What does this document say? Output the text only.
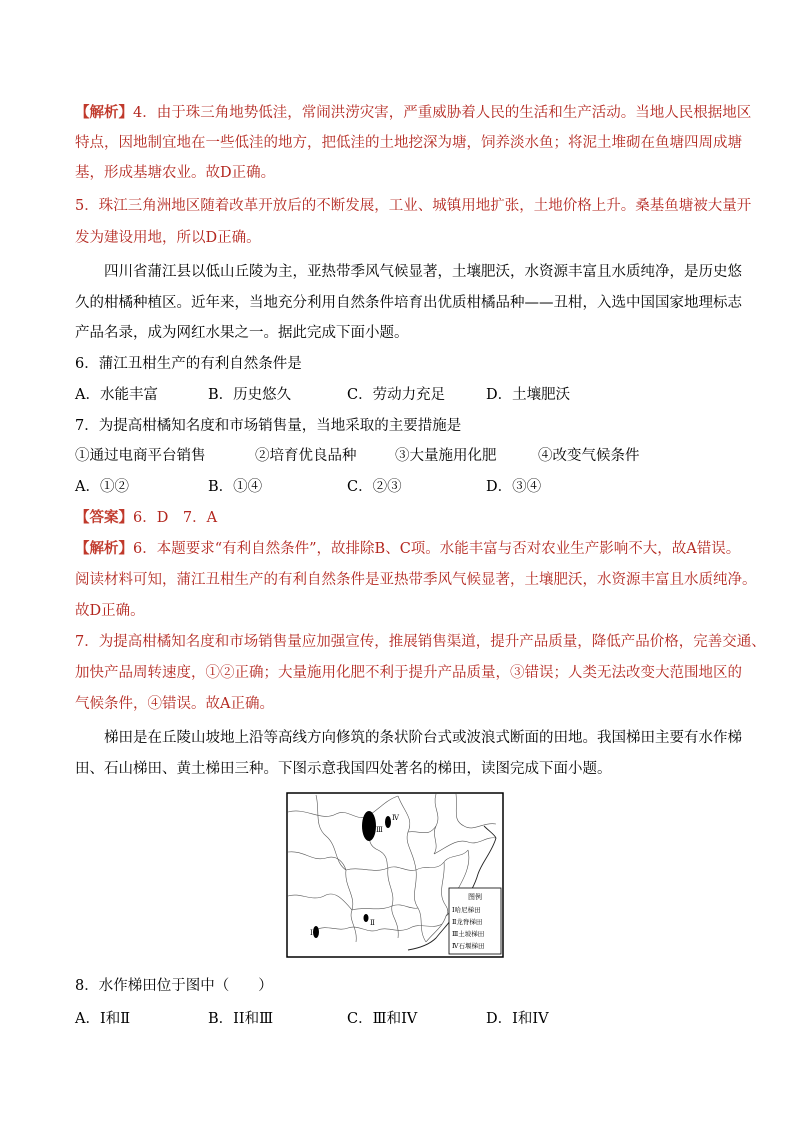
【解析】4．由于珠三角地势低洼，常闹洪涝灾害，严重威胁着人民的生活和生产活动。当地人民根据地区
特点，因地制宜地在一些低洼的地方，把低洼的土地挖深为塘，饲养淡水鱼；将泥土堆砌在鱼塘四周成塘
基，形成基塘农业。故D正确。
5．珠江三角洲地区随着改革开放后的不断发展，工业、城镇用地扩张，土地价格上升。桑基鱼塘被大量开
发为建设用地，所以D正确。
四川省蒲江县以低山丘陵为主，亚热带季风气候显著，土壤肥沃，水资源丰富且水质纯净，是历史悠
久的柑橘种植区。近年来，当地充分利用自然条件培育出优质柑橘品种——丑柑，入选中国国家地理标志
产品名录，成为网红水果之一。据此完成下面小题。
6．蒲江丑柑生产的有利自然条件是
A．水能丰富	B．历史悠久	C．劳动力充足	D．土壤肥沃
7．为提高柑橘知名度和市场销售量，当地采取的主要措施是
①通过电商平台销售	②培育优良品种	③大量施用化肥	④改变气候条件
A．①②	B．①④	C．②③	D．③④
【答案】6．D　7．A
【解析】6．本题要求“有利自然条件”，故排除B、C项。水能丰富与否对农业生产影响不大，故A错误。
阅读材料可知，蒲江丑柑生产的有利自然条件是亚热带季风气候显著，土壤肥沃，水资源丰富且水质纯净。
故D正确。
7．为提高柑橘知名度和市场销售量应加强宣传，推展销售渠道，提升产品质量，降低产品价格，完善交通、
加快产品周转速度，①②正确；大量施用化肥不利于提升产品质量，③错误；人类无法改变大范围地区的
气候条件，④错误。故A正确。
梯田是在丘陵山坡地上沿等高线方向修筑的条状阶台式或波浪式断面的田地。我国梯田主要有水作梯
田、石山梯田、黄土梯田三种。下图示意我国四处著名的梯田，读图完成下面小题。
Ⅳ
Ⅲ
Ⅰ
Ⅱ
图例
Ⅰ哈尼梯田
Ⅱ龙脊梯田
Ⅲ土坡梯田
Ⅳ石堰梯田
8．水作梯田位于图中（　　）
A．Ⅰ和Ⅱ	B．II和Ⅲ	C．Ⅲ和IV	D．Ⅰ和IV
